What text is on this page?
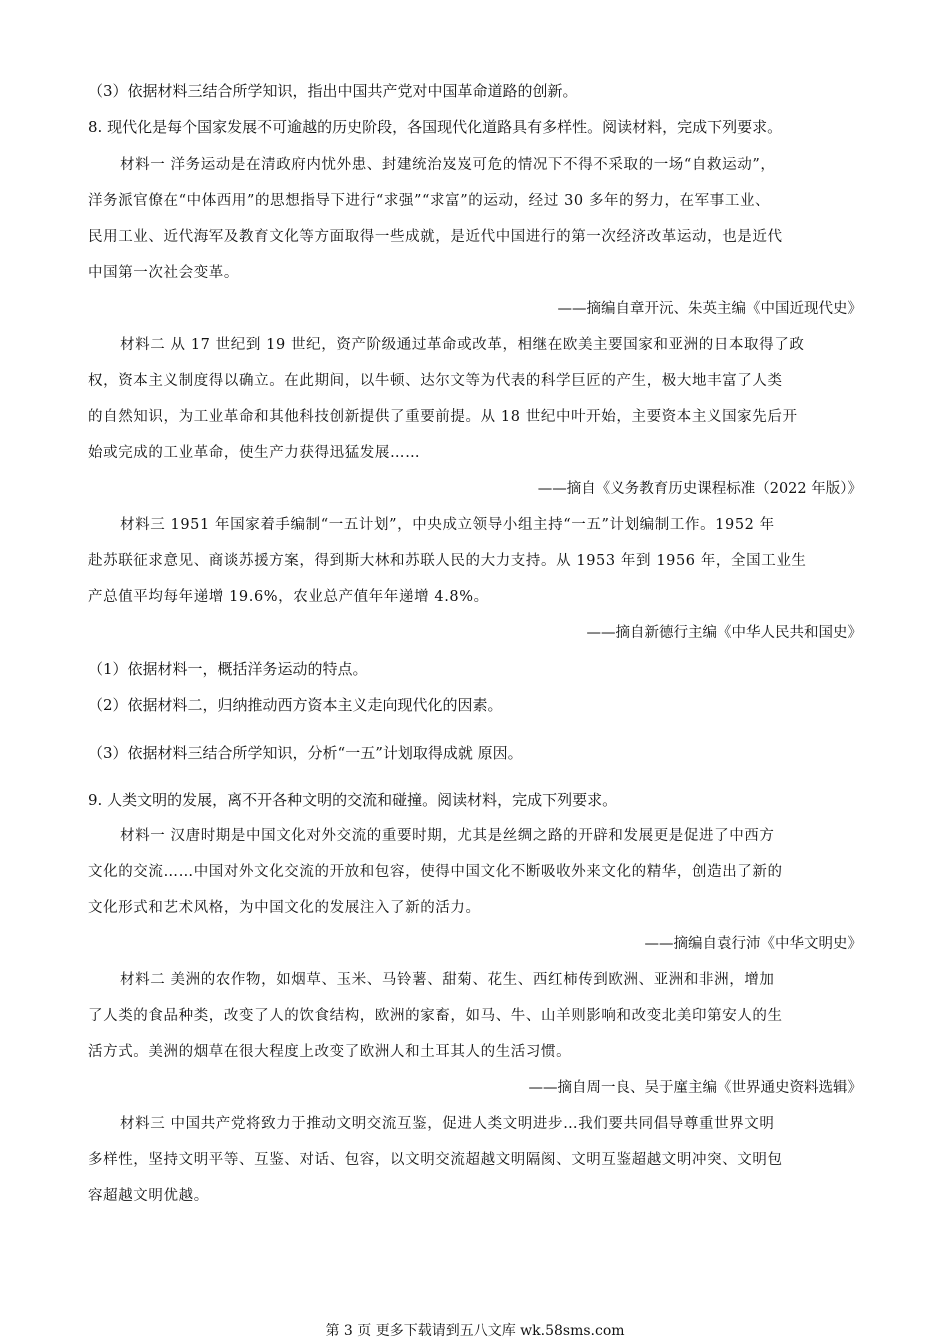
（3）依据材料三结合所学知识，指出中国共产党对中国革命道路的创新。
8. 现代化是每个国家发展不可逾越的历史阶段，各国现代化道路具有多样性。阅读材料，完成下列要求。
材料一 洋务运动是在清政府内忧外患、封建统治岌岌可危的情况下不得不采取的一场“自救运动”，
洋务派官僚在“中体西用”的思想指导下进行“求强”“求富”的运动，经过 30 多年的努力，在军事工业、
民用工业、近代海军及教育文化等方面取得一些成就，是近代中国进行的第一次经济改革运动，也是近代
中国第一次社会变革。
——摘编自章开沅、朱英主编《中国近现代史》
材料二 从 17 世纪到 19 世纪，资产阶级通过革命或改革，相继在欧美主要国家和亚洲的日本取得了政
权，资本主义制度得以确立。在此期间，以牛顿、达尔文等为代表的科学巨匠的产生，极大地丰富了人类
的自然知识，为工业革命和其他科技创新提供了重要前提。从 18 世纪中叶开始，主要资本主义国家先后开
始或完成的工业革命，使生产力获得迅猛发展……
——摘自《义务教育历史课程标准（2022 年版）》
材料三 1951 年国家着手编制“一五计划”，中央成立领导小组主持“一五”计划编制工作。1952 年
赴苏联征求意见、商谈苏援方案，得到斯大林和苏联人民的大力支持。从 1953 年到 1956 年，全国工业生
产总值平均每年递增 19.6%，农业总产值年年递增 4.8%。
——摘自新德行主编《中华人民共和国史》
（1）依据材料一，概括洋务运动的特点。
（2）依据材料二，归纳推动西方资本主义走向现代化的因素。
（3）依据材料三结合所学知识，分析“一五”计划取得成就 原因。
9. 人类文明的发展，离不开各种文明的交流和碰撞。阅读材料，完成下列要求。
材料一 汉唐时期是中国文化对外交流的重要时期，尤其是丝绸之路的开辟和发展更是促进了中西方
文化的交流……中国对外文化交流的开放和包容，使得中国文化不断吸收外来文化的精华，创造出了新的
文化形式和艺术风格，为中国文化的发展注入了新的活力。
——摘编自袁行沛《中华文明史》
材料二 美洲的农作物，如烟草、玉米、马铃薯、甜菊、花生、西红柿传到欧洲、亚洲和非洲，增加
了人类的食品种类，改变了人的饮食结构，欧洲的家畜，如马、牛、山羊则影响和改变北美印第安人的生
活方式。美洲的烟草在很大程度上改变了欧洲人和土耳其人的生活习惯。
——摘自周一良、吴于廑主编《世界通史资料选辑》
材料三 中国共产党将致力于推动文明交流互鉴，促进人类文明进步…我们要共同倡导尊重世界文明
多样性，坚持文明平等、互鉴、对话、包容，以文明交流超越文明隔阂、文明互鉴超越文明冲突、文明包
容超越文明优越。
第 3 页 更多下载请到五八文库 wk.58sms.com
